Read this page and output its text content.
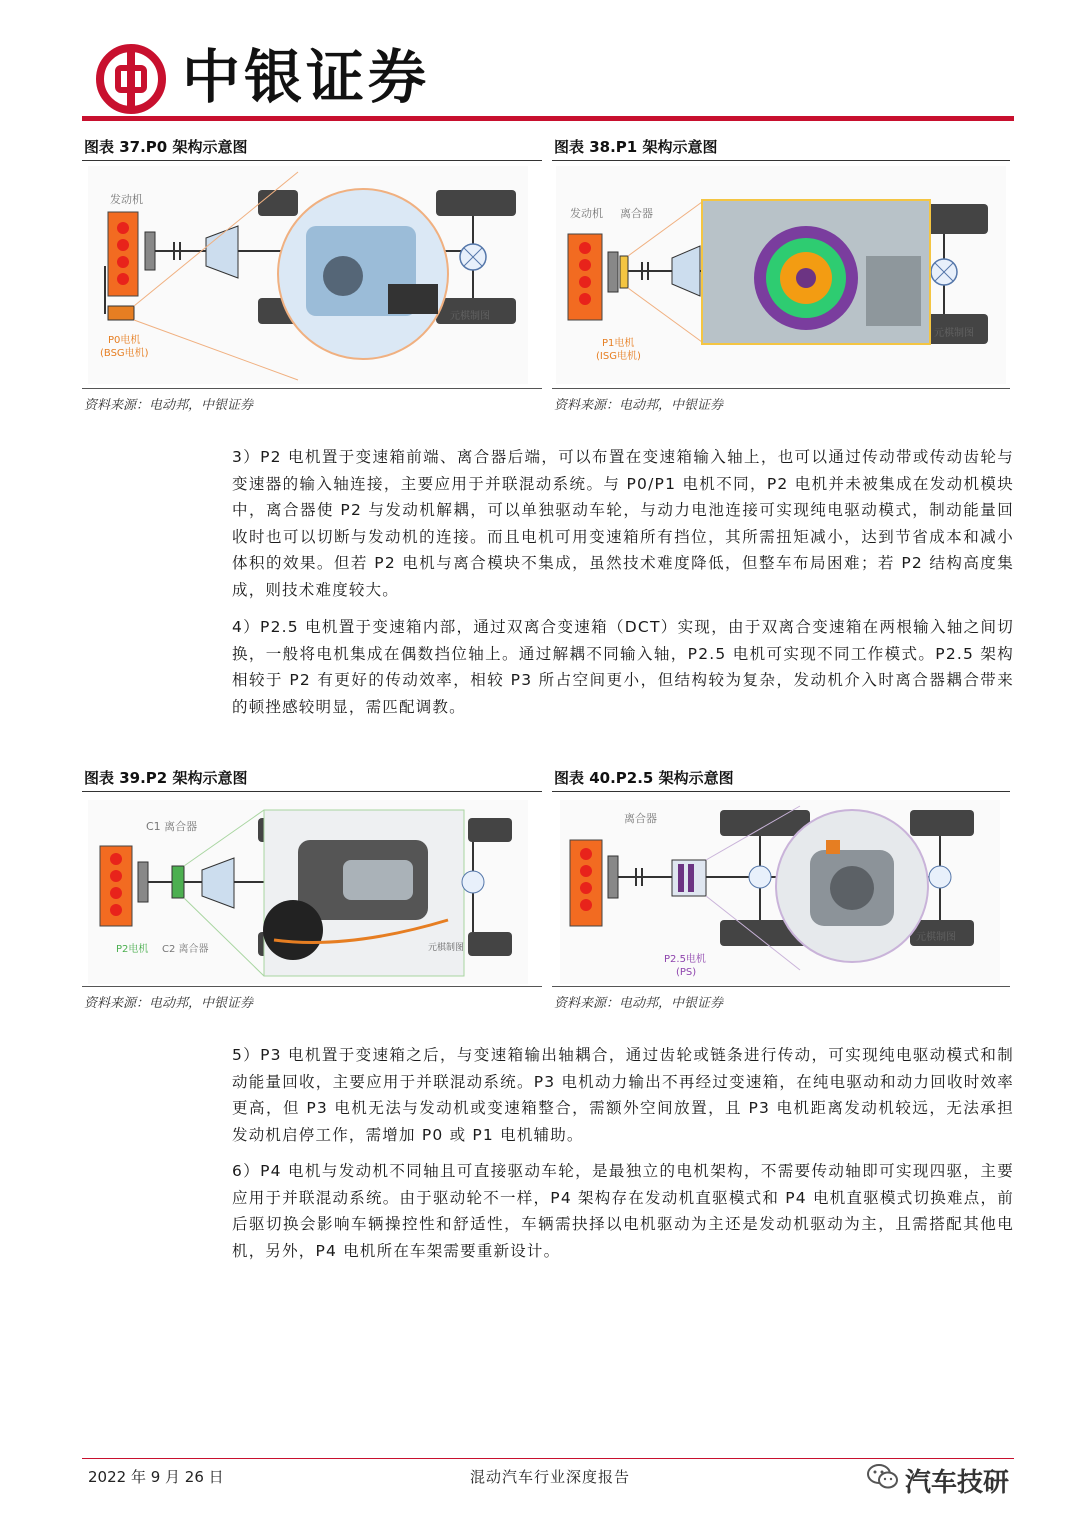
中银证券
图表 37.P0 架构示意图
发动机
P0电机
(BSG电机)
元棋制图
资料来源：电动邦，中银证券
图表 38.P1 架构示意图
发动机 离合器
P1电机
(ISG电机)
元棋制图
资料来源：电动邦，中银证券
3）P2 电机置于变速箱前端、离合器后端，可以布置在变速箱输入轴上，也可以通过传动带或传动齿轮与变速器的输入轴连接，主要应用于并联混动系统。与 P0/P1 电机不同，P2 电机并未被集成在发动机模块中，离合器使 P2 与发动机解耦，可以单独驱动车轮，与动力电池连接可实现纯电驱动模式，制动能量回收时也可以切断与发动机的连接。而且电机可用变速箱所有挡位，其所需扭矩减小，达到节省成本和减小体积的效果。但若 P2 电机与离合模块不集成，虽然技术难度降低，但整车布局困难；若 P2 结构高度集成，则技术难度较大。
4）P2.5 电机置于变速箱内部，通过双离合变速箱（DCT）实现，由于双离合变速箱在两根输入轴之间切换，一般将电机集成在偶数挡位轴上。通过解耦不同输入轴，P2.5 电机可实现不同工作模式。P2.5 架构相较于 P2 有更好的传动效率，相较 P3 所占空间更小，但结构较为复杂，发动机介入时离合器耦合带来的顿挫感较明显，需匹配调教。
图表 39.P2 架构示意图
C1 离合器
P2电机 C2 离合器	元棋制图
资料来源：电动邦，中银证券
图表 40.P2.5 架构示意图
离合器
P2.5电机
(PS)
元棋制图
资料来源：电动邦，中银证券
5）P3 电机置于变速箱之后，与变速箱输出轴耦合，通过齿轮或链条进行传动，可实现纯电驱动模式和制动能量回收，主要应用于并联混动系统。P3 电机动力输出不再经过变速箱，在纯电驱动和动力回收时效率更高，但 P3 电机无法与发动机或变速箱整合，需额外空间放置，且 P3 电机距离发动机较远，无法承担发动机启停工作，需增加 P0 或 P1 电机辅助。
6）P4 电机与发动机不同轴且可直接驱动车轮，是最独立的电机架构，不需要传动轴即可实现四驱，主要应用于并联混动系统。由于驱动轮不一样，P4 架构存在发动机直驱模式和 P4 电机直驱模式切换难点，前后驱切换会影响车辆操控性和舒适性，车辆需抉择以电机驱动为主还是发动机驱动为主，且需搭配其他电机，另外，P4 电机所在车架需要重新设计。
2022 年 9 月 26 日	混动汽车行业深度报告	汽车技研
